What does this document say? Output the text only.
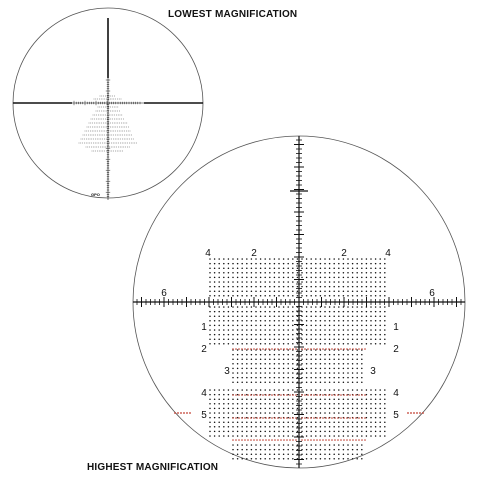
LOWEST MAGNIFICATION
HIGHEST MAGNIFICATION
GPO
4	2	2	4
6	6
1	1
2	2
3	3
4	4
5	5
